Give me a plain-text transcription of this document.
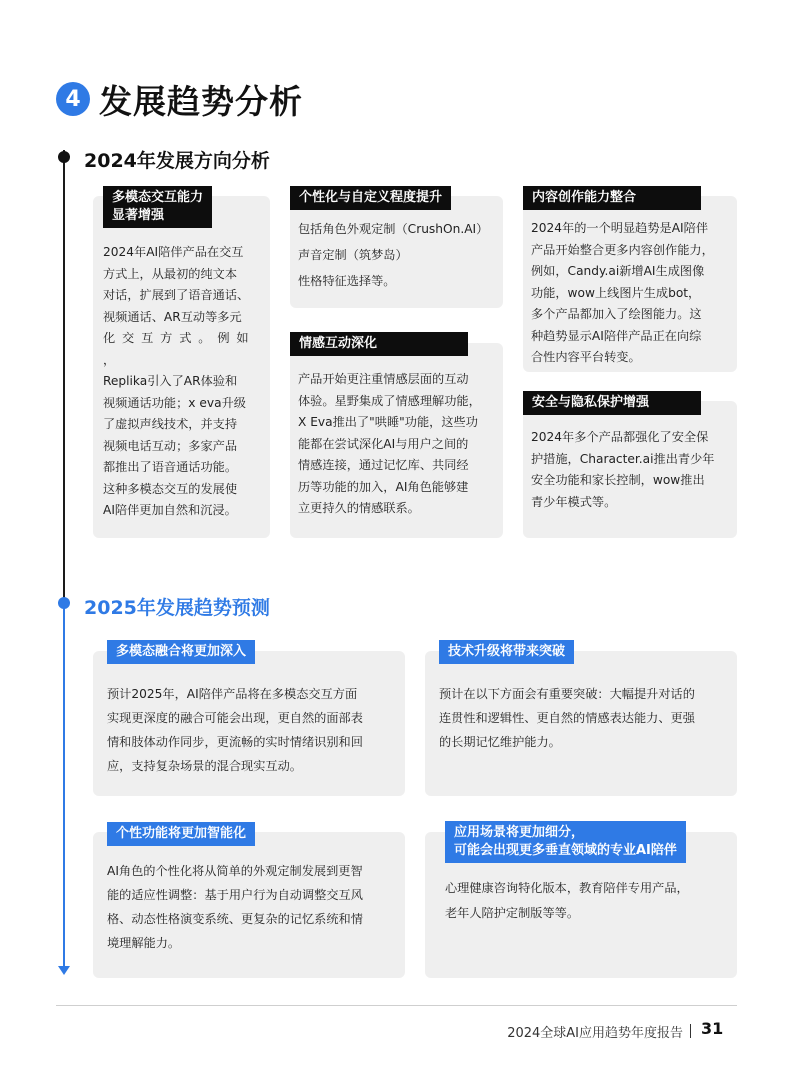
4 发展趋势分析
2024年发展方向分析
2025年发展趋势预测
多模态交互能力
显著增强
2024年AI陪伴产品在交互
方式上，从最初的纯文本
对话，扩展到了语音通话、
视频通话、AR互动等多元
化 交 互 方 式 。 例 如 ，
Replika引入了AR体验和
视频通话功能；x eva升级
了虚拟声线技术，并支持
视频电话互动；多家产品
都推出了语音通话功能。
这种多模态交互的发展使
AI陪伴更加自然和沉浸。
个性化与自定义程度提升
包括角色外观定制（CrushOn.AI）
声音定制（筑梦岛）
性格特征选择等。
情感互动深化
产品开始更注重情感层面的互动
体验。星野集成了情感理解功能，
X Eva推出了"哄睡"功能，这些功
能都在尝试深化AI与用户之间的
情感连接，通过记忆库、共同经
历等功能的加入，AI角色能够建
立更持久的情感联系。
内容创作能力整合
2024年的一个明显趋势是AI陪伴
产品开始整合更多内容创作能力，
例如，Candy.ai新增AI生成图像
功能，wow上线图片生成bot，
多个产品都加入了绘图能力。这
种趋势显示AI陪伴产品正在向综
合性内容平台转变。
安全与隐私保护增强
2024年多个产品都强化了安全保
护措施，Character.ai推出青少年
安全功能和家长控制，wow推出
青少年模式等。
多模态融合将更加深入
预计2025年，AI陪伴产品将在多模态交互方面
实现更深度的融合可能会出现，更自然的面部表
情和肢体动作同步，更流畅的实时情绪识别和回
应，支持复杂场景的混合现实互动。
技术升级将带来突破
预计在以下方面会有重要突破：大幅提升对话的
连贯性和逻辑性、更自然的情感表达能力、更强
的长期记忆维护能力。
个性功能将更加智能化
AI角色的个性化将从简单的外观定制发展到更智
能的适应性调整：基于用户行为自动调整交互风
格、动态性格演变系统、更复杂的记忆系统和情
境理解能力。
应用场景将更加细分，
可能会出现更多垂直领域的专业AI陪伴
心理健康咨询特化版本，教育陪伴专用产品，
老年人陪护定制版等等。
2024全球AI应用趋势年度报告 31
